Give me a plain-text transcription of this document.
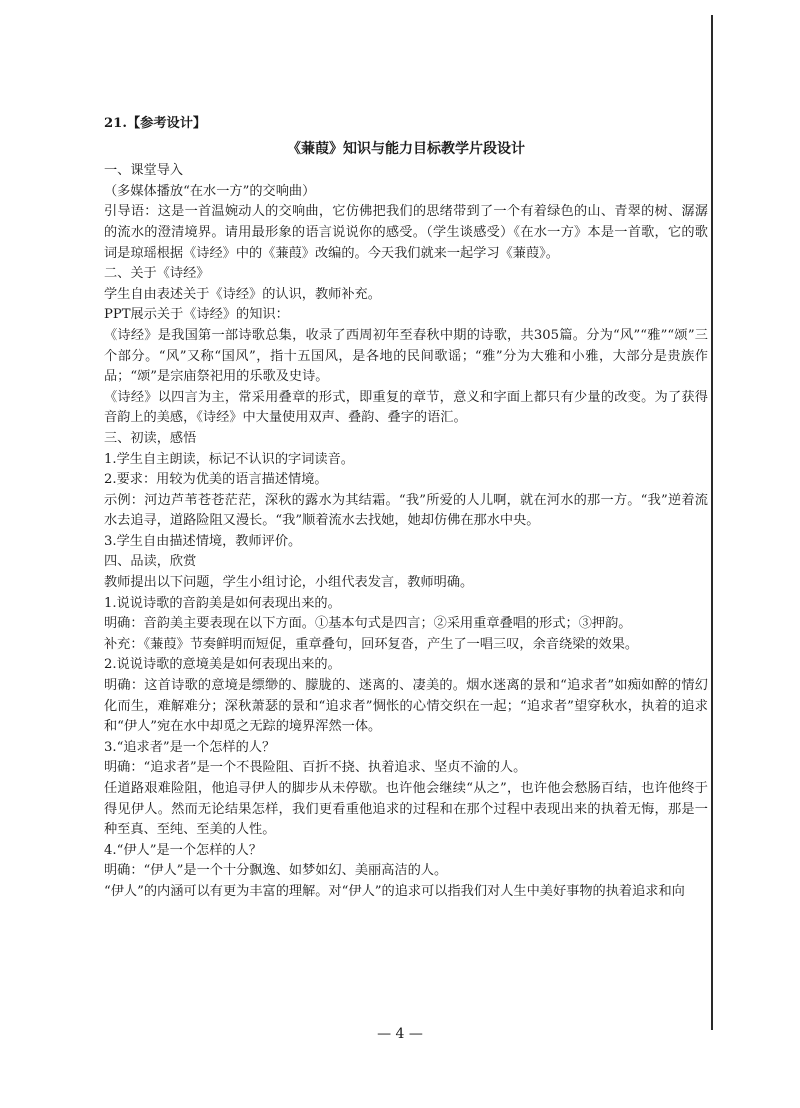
21.【参考设计】

《蒹葭》知识与能力目标教学片段设计

一、课堂导入

（多媒体播放“在水一方”的交响曲）

引导语：这是一首温婉动人的交响曲，它仿佛把我们的思绪带到了一个有着绿色的山、青翠的树、潺潺的流水的澄清境界。请用最形象的语言说说你的感受。（学生谈感受）《在水一方》本是一首歌，它的歌词是琼瑶根据《诗经》中的《蒹葭》改编的。今天我们就来一起学习《蒹葭》。

二、关于《诗经》

学生自由表述关于《诗经》的认识，教师补充。

PPT展示关于《诗经》的知识：

《诗经》是我国第一部诗歌总集，收录了西周初年至春秋中期的诗歌，共305篇。分为“风”“雅”“颂”三个部分。“风”又称“国风”，指十五国风，是各地的民间歌谣；“雅”分为大雅和小雅，大部分是贵族作品；“颂”是宗庙祭祀用的乐歌及史诗。

《诗经》以四言为主，常采用叠章的形式，即重复的章节，意义和字面上都只有少量的改变。为了获得音韵上的美感，《诗经》中大量使用双声、叠韵、叠字的语汇。

三、初读，感悟

1.学生自主朗读，标记不认识的字词读音。

2.要求：用较为优美的语言描述情境。

示例：河边芦苇苍苍茫茫，深秋的露水为其结霜。“我”所爱的人儿啊，就在河水的那一方。“我”逆着流水去追寻，道路险阻又漫长。“我”顺着流水去找她，她却仿佛在那水中央。

3.学生自由描述情境，教师评价。

四、品读，欣赏

教师提出以下问题，学生小组讨论，小组代表发言，教师明确。

1.说说诗歌的音韵美是如何表现出来的。

明确：音韵美主要表现在以下方面。①基本句式是四言；②采用重章叠唱的形式；③押韵。

补充：《蒹葭》节奏鲜明而短促，重章叠句，回环复沓，产生了一唱三叹，余音绕梁的效果。

2.说说诗歌的意境美是如何表现出来的。

明确：这首诗歌的意境是缥缈的、朦胧的、迷离的、凄美的。烟水迷离的景和“追求者”如痴如醉的情幻化而生，难解难分；深秋萧瑟的景和“追求者”惆怅的心情交织在一起；“追求者”望穿秋水，执着的追求和“伊人”宛在水中却觅之无踪的境界浑然一体。

3.“追求者”是一个怎样的人？

明确：“追求者”是一个不畏险阻、百折不挠、执着追求、坚贞不渝的人。

任道路艰难险阻，他追寻伊人的脚步从未停歇。也许他会继续“从之”，也许他会愁肠百结，也许他终于得见伊人。然而无论结果怎样，我们更看重他追求的过程和在那个过程中表现出来的执着无悔，那是一种至真、至纯、至美的人性。

4.“伊人”是一个怎样的人？

明确：“伊人”是一个十分飘逸、如梦如幻、美丽高洁的人。

“伊人”的内涵可以有更为丰富的理解。对“伊人”的追求可以指我们对人生中美好事物的执着追求和向

— 4 —
